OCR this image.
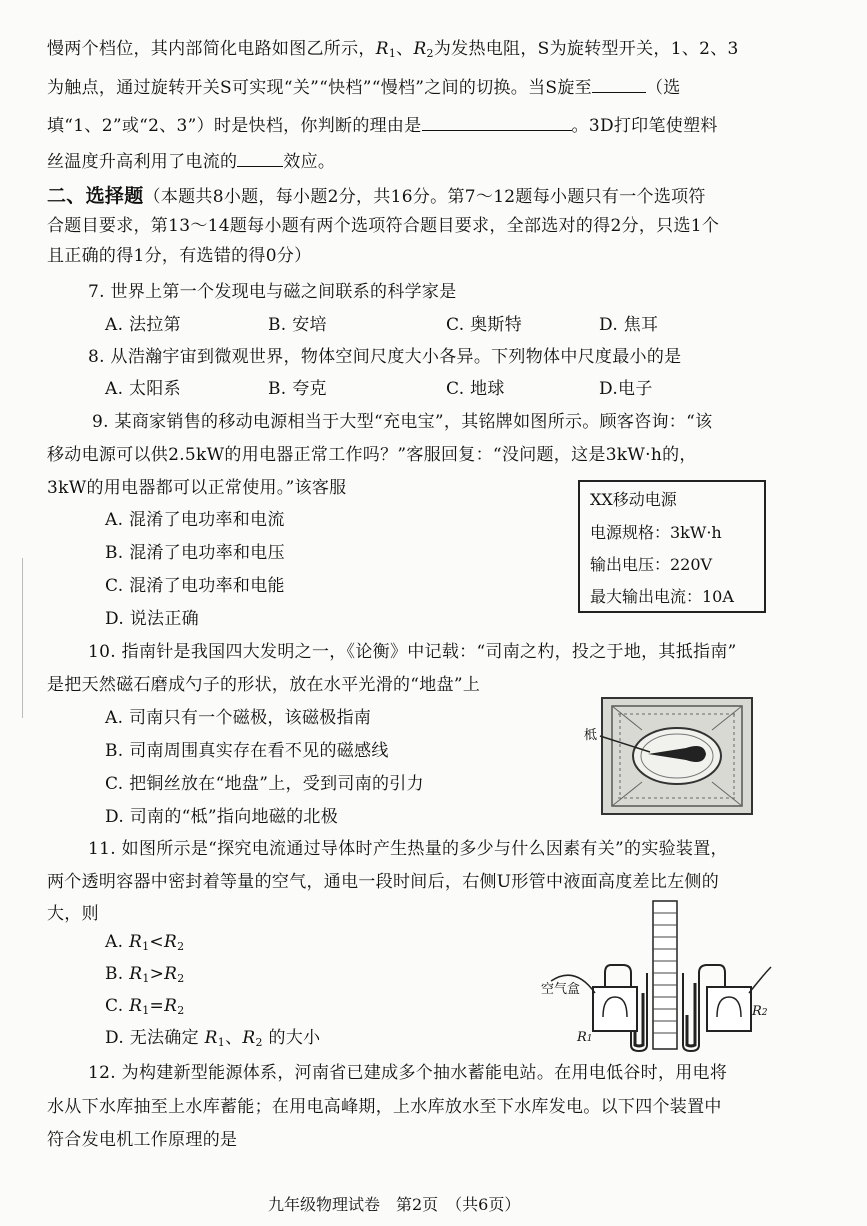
慢两个档位，其内部简化电路如图乙所示，$R_1$、$R_2$为发热电阻，S为旋转型开关，1、2、3
为触点，通过旋转开关S可实现“关”“快档”“慢档”之间的切换。当S旋至	（选
填“1、2”或“2、3”）时是快档，你判断的理由是	。3D打印笔使塑料
丝温度升高利用了电流的	效应。
二、选择题（本题共8小题，每小题2分，共16分。第7～12题每小题只有一个选项符
合题目要求，第13～14题每小题有两个选项符合题目要求，全部选对的得2分，只选1个
且正确的得1分，有选错的得0分）
7. 世界上第一个发现电与磁之间联系的科学家是
A. 法拉第	B. 安培	C. 奥斯特	D. 焦耳
8. 从浩瀚宇宙到微观世界，物体空间尺度大小各异。下列物体中尺度最小的是
A. 太阳系	B. 夸克	C. 地球	D.电子
9. 某商家销售的移动电源相当于大型“充电宝”，其铭牌如图所示。顾客咨询：“该
移动电源可以供2.5kW的用电器正常工作吗？”客服回复：“没问题，这是3kW·h的，
3kW的用电器都可以正常使用。”该客服
A. 混淆了电功率和电流
B. 混淆了电功率和电压
C. 混淆了电功率和电能
D. 说法正确
XX移动电源
电源规格：3kW·h
输出电压：220V
最大输出电流：10A
10. 指南针是我国四大发明之一，《论衡》中记载：“司南之杓，投之于地，其抵指南”
是把天然磁石磨成勺子的形状，放在水平光滑的“地盘”上
A. 司南只有一个磁极，该磁极指南
B. 司南周围真实存在看不见的磁感线
C. 把铜丝放在“地盘”上，受到司南的引力
D. 司南的“柢”指向地磁的北极
柢
11. 如图所示是“探究电流通过导体时产生热量的多少与什么因素有关”的实验装置，
两个透明容器中密封着等量的空气，通电一段时间后，右侧U形管中液面高度差比左侧的
大，则
A. $R_1<R_2$
B. $R_1>R_2$
C. $R_1=R_2$
D. 无法确定 $R_1$、$R_2$ 的大小
空气盒
R1
R2
12. 为构建新型能源体系，河南省已建成多个抽水蓄能电站。在用电低谷时，用电将
水从下水库抽至上水库蓄能；在用电高峰期，上水库放水至下水库发电。以下四个装置中
符合发电机工作原理的是
九年级物理试卷　第2页　（共6页）
